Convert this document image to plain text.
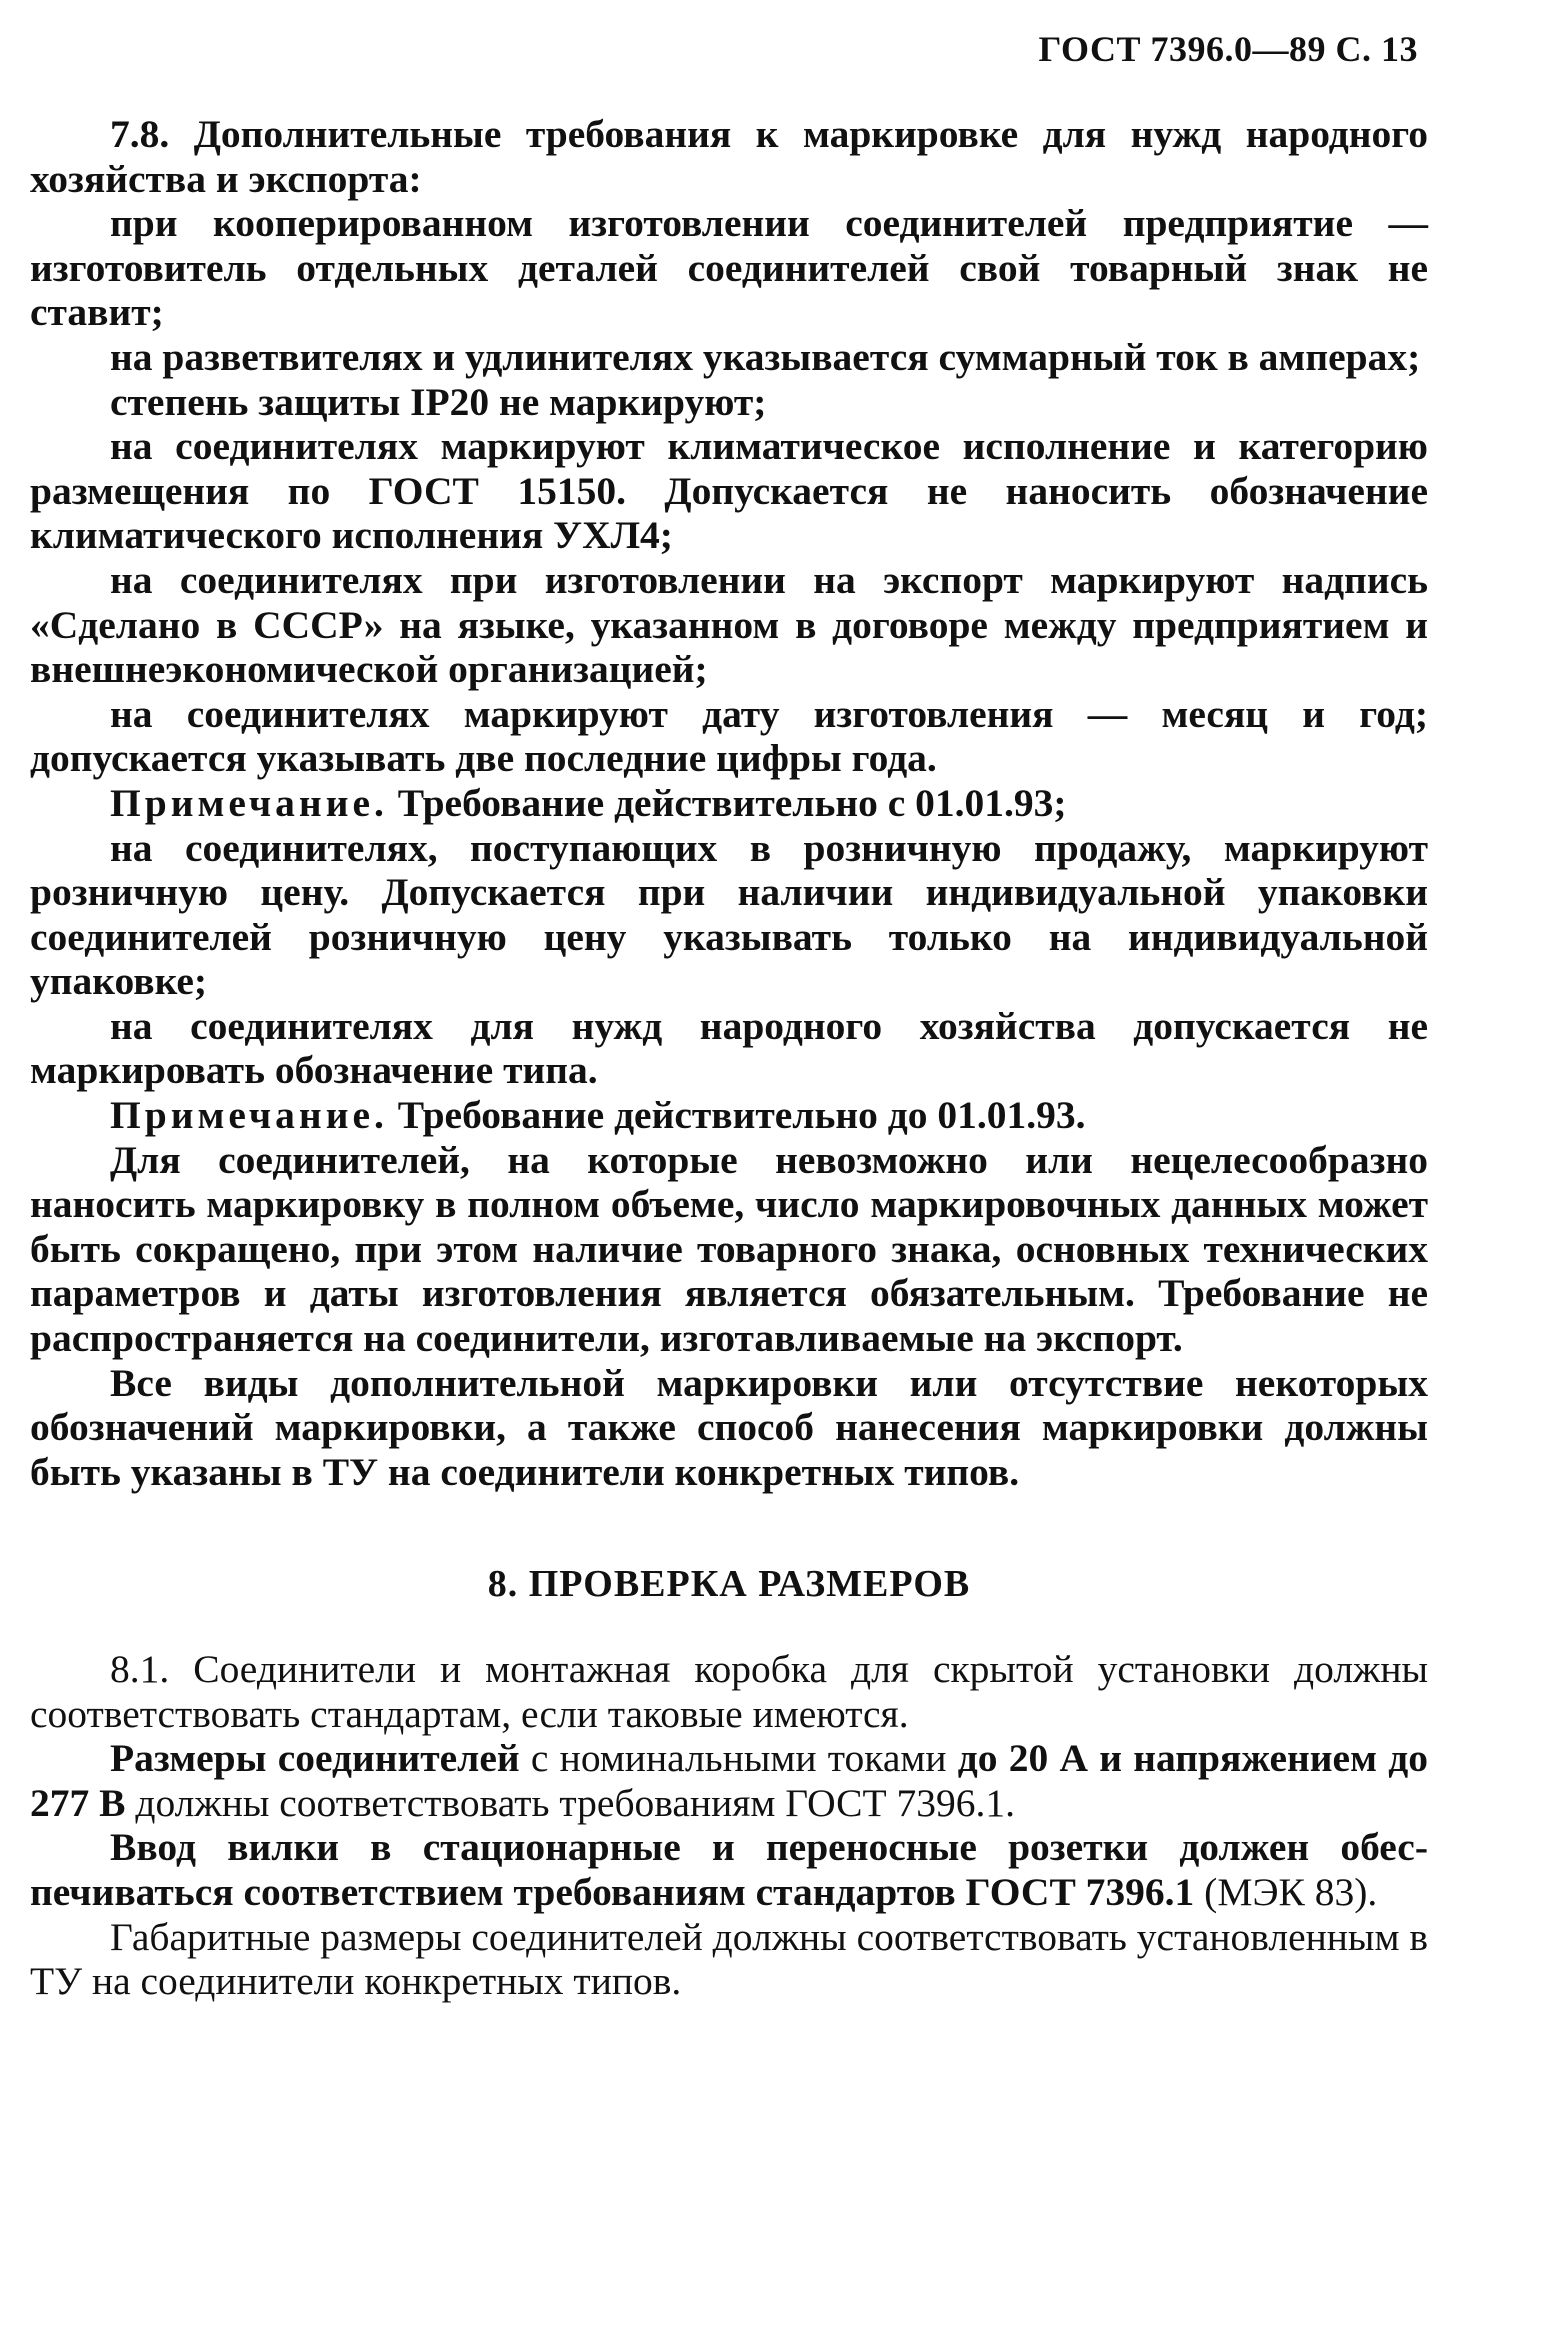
ГОСТ 7396.0—89 С. 13

7.8. Дополнительные требования к маркировке для нужд народного хозяйства и экспорта:

при кооперированном изготовлении соединителей предприятие — изготовитель отдельных деталей соединителей свой товарный знак не ставит;

на разветвителях и удлинителях указывается суммарный ток в амперах;

степень защиты IP20 не маркируют;

на соединителях маркируют климатическое исполнение и категорию размещения по ГОСТ 15150. Допускается не наносить обозначение климатического исполнения УХЛ4;

на соединителях при изготовлении на экспорт маркируют надпись «Сделано в СССР» на языке, указанном в договоре между предприятием и внешнеэкономической организацией;

на соединителях маркируют дату изготовления — месяц и год; допускается указывать две последние цифры года.

Примечание. Требование действительно с 01.01.93;

на соединителях, поступающих в розничную продажу, маркируют розничную цену. Допускается при наличии индивидуальной упаковки соединителей розничную цену указывать только на индивидуальной упаковке;

на соединителях для нужд народного хозяйства допускается не маркировать обозначение типа.

Примечание. Требование действительно до 01.01.93.

Для соединителей, на которые невозможно или нецелесообразно наносить маркировку в полном объеме, число маркировочных данных может быть сокращено, при этом наличие товарного знака, основных технических параметров и даты изготовления является обязательным. Требование не распространяется на соединители, изготавливаемые на экспорт.

Все виды дополнительной маркировки или отсутствие некоторых обозначений маркировки, а также способ нанесения маркировки должны быть указаны в ТУ на соединители конкретных типов.

8. ПРОВЕРКА РАЗМЕРОВ

8.1. Соединители и монтажная коробка для скрытой установки должны соответствовать стандартам, если таковые имеются.

Размеры соединителей с номинальными токами до 20 А и напряжением до 277 В должны соответствовать требованиям ГОСТ 7396.1.

Ввод вилки в стационарные и переносные розетки должен обеспечиваться соответствием требованиям стандартов ГОСТ 7396.1 (МЭК 83).

Габаритные размеры соединителей должны соответствовать установленным в ТУ на соединители конкретных типов.
